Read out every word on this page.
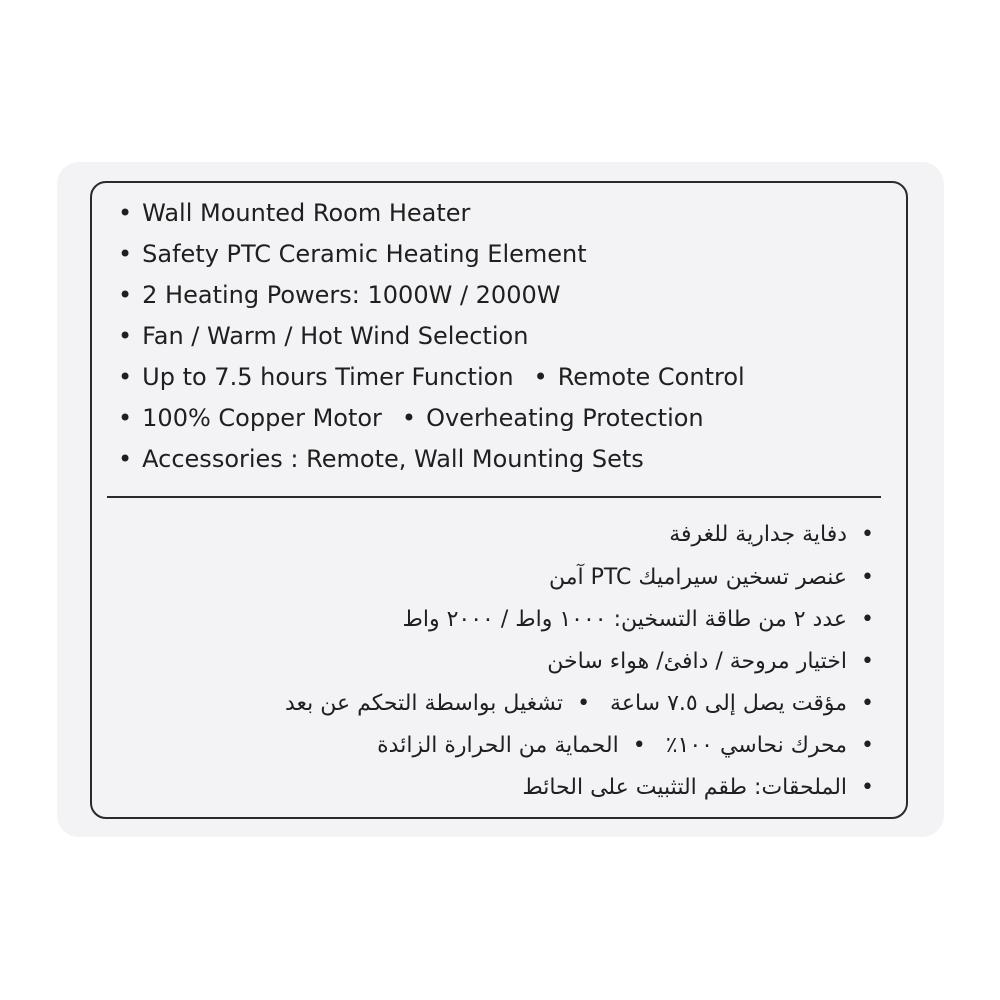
• Wall Mounted Room Heater
• Safety PTC Ceramic Heating Element
• 2 Heating Powers: 1000W / 2000W
• Fan / Warm / Hot Wind Selection
• Up to 7.5 hours Timer Function • Remote Control
• 100% Copper Motor • Overheating Protection
• Accessories : Remote, Wall Mounting Sets
•دفاية جدارية للغرفة
•عنصر تسخين سيراميك PTC آمن
•عدد ٢ من طاقة التسخين: ١٠٠٠ واط / ٢٠٠٠ واط
•اختيار مروحة / دافئ/ هواء ساخن
•مؤقت يصل إلى ٧.٥ ساعة•تشغيل بواسطة التحكم عن بعد
•محرك نحاسي ١٠٠٪•الحماية من الحرارة الزائدة
•الملحقات: طقم التثبيت على الحائط
